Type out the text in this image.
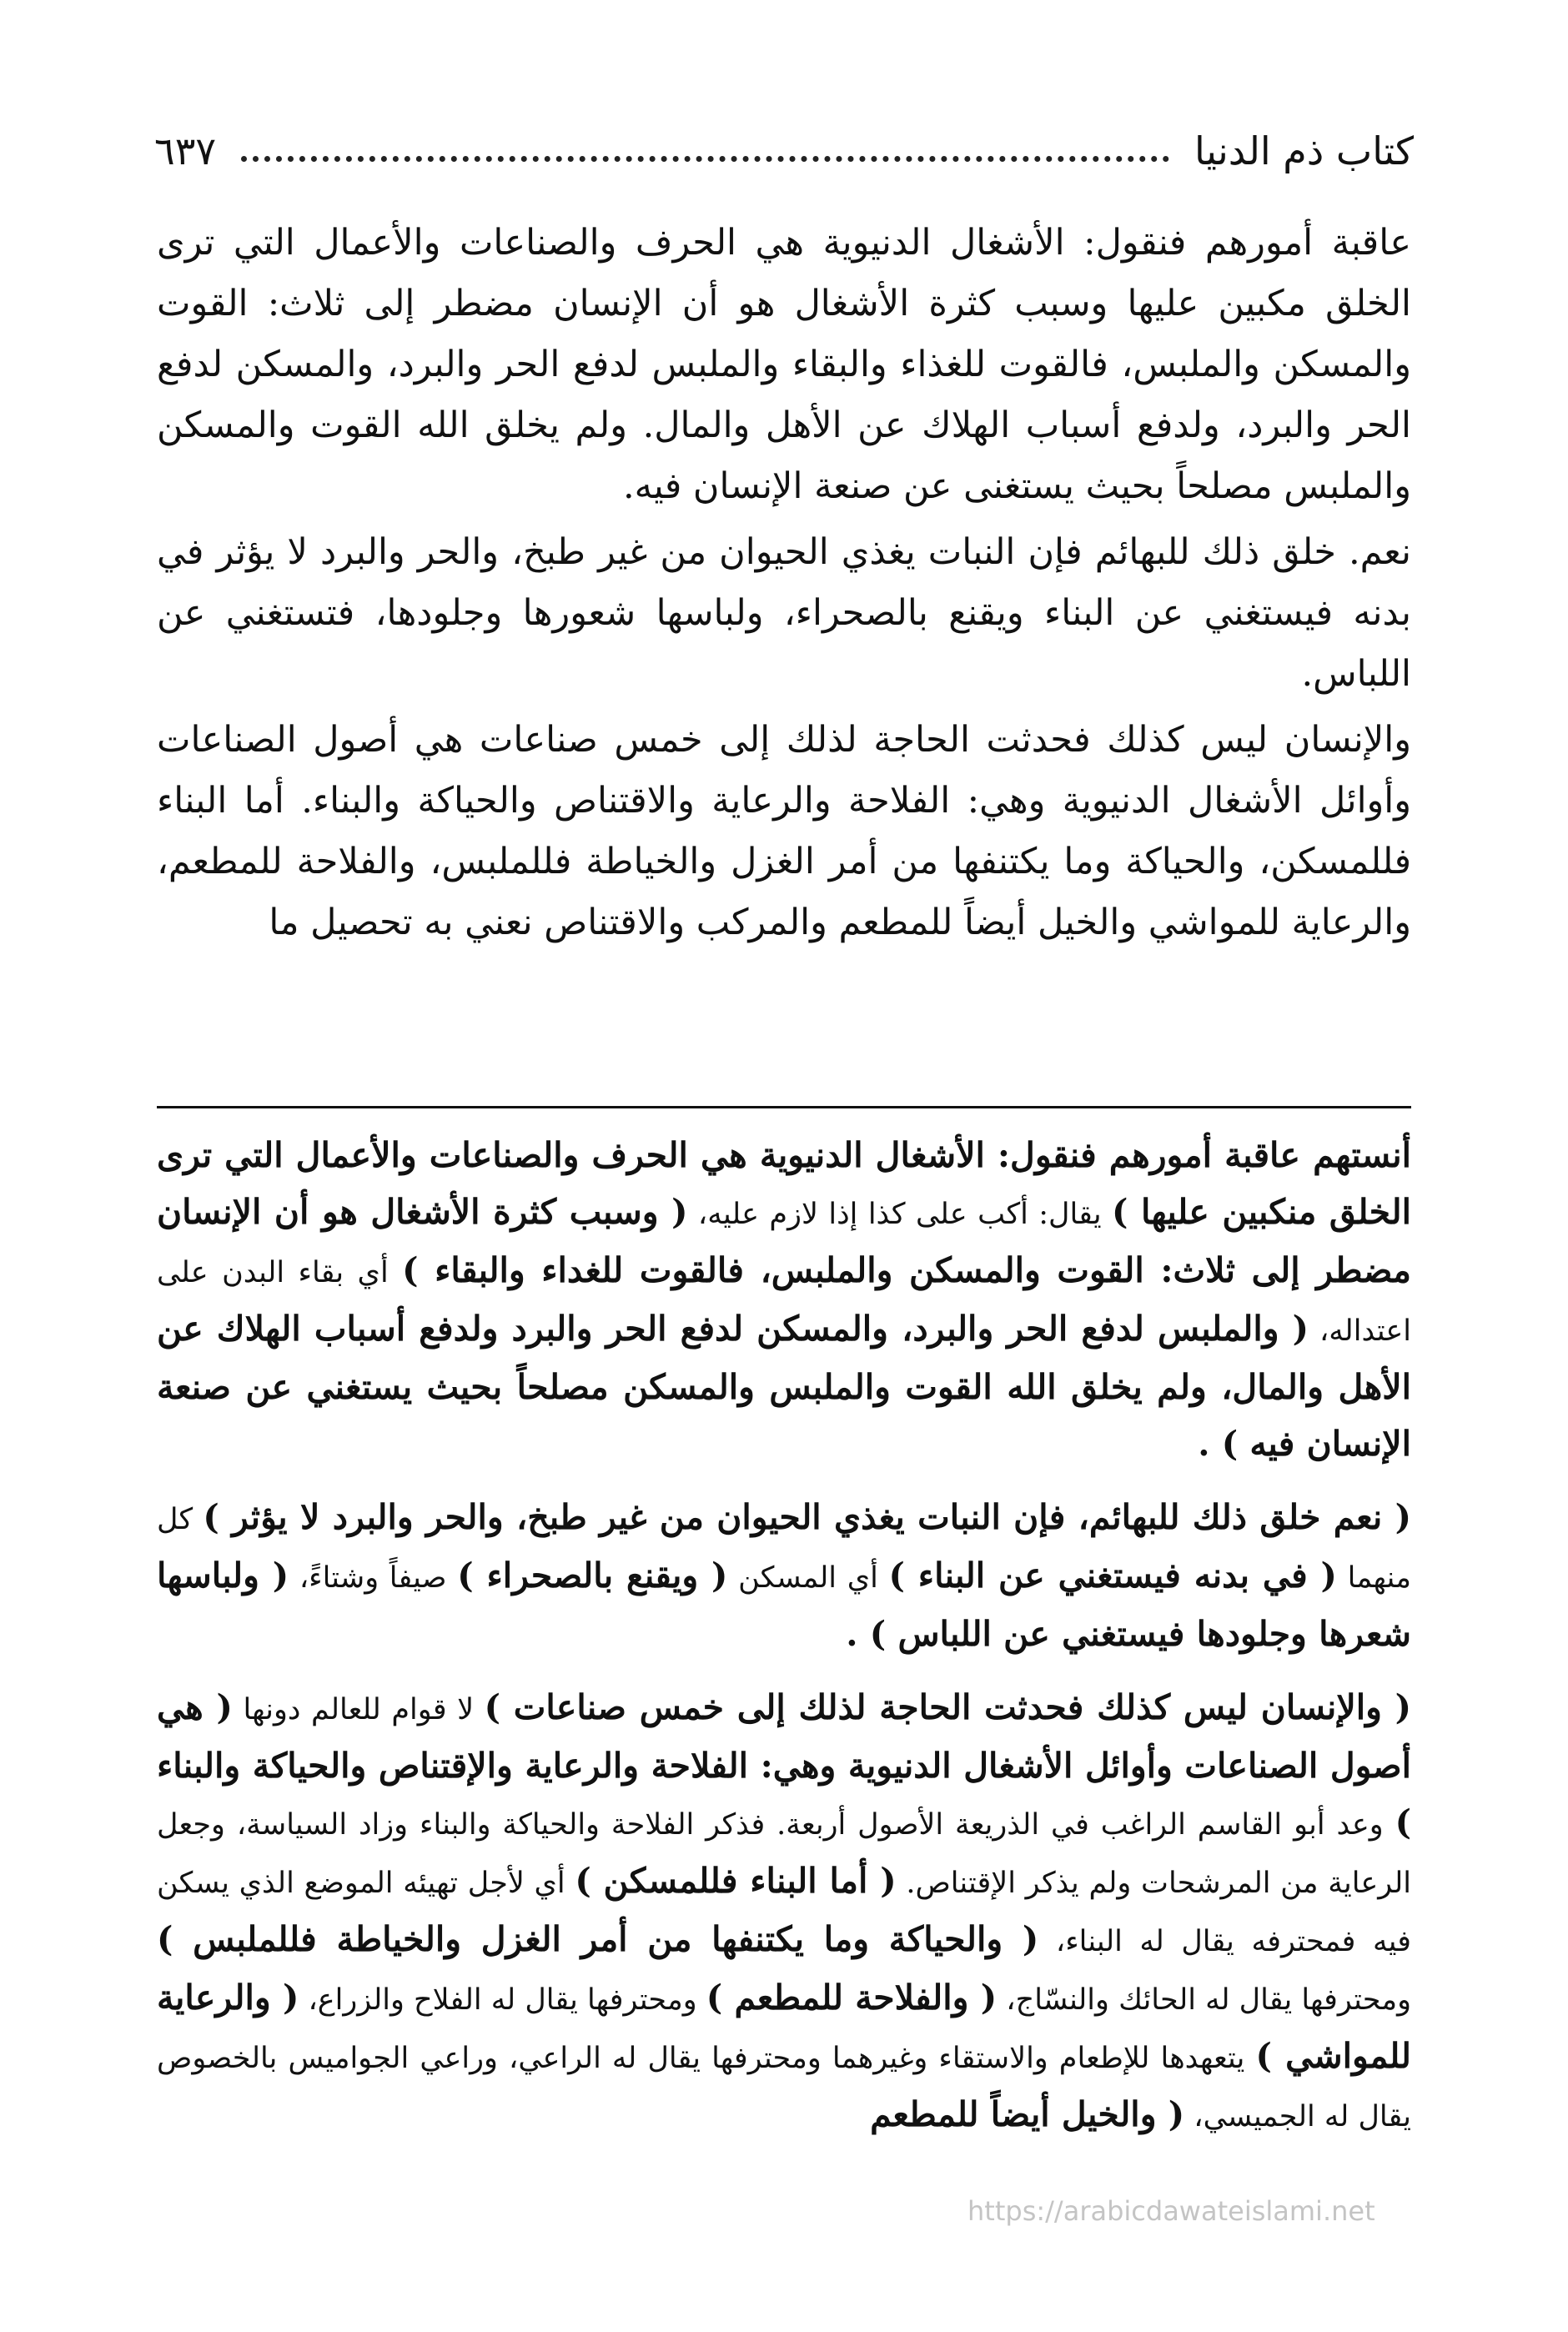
كتاب ذم الدنيا
٦٣٧

عاقبة أمورهم فنقول: الأشغال الدنيوية هي الحرف والصناعات والأعمال التي ترى الخلق مكبين عليها وسبب كثرة الأشغال هو أن الإنسان مضطر إلى ثلاث: القوت والمسكن والملبس، فالقوت للغذاء والبقاء والملبس لدفع الحر والبرد، والمسكن لدفع الحر والبرد، ولدفع أسباب الهلاك عن الأهل والمال. ولم يخلق الله القوت والمسكن والملبس مصلحاً بحيث يستغنى عن صنعة الإنسان فيه.

نعم. خلق ذلك للبهائم فإن النبات يغذي الحيوان من غير طبخ، والحر والبرد لا يؤثر في بدنه فيستغني عن البناء ويقنع بالصحراء، ولباسها شعورها وجلودها، فتستغني عن اللباس.

والإنسان ليس كذلك فحدثت الحاجة لذلك إلى خمس صناعات هي أصول الصناعات وأوائل الأشغال الدنيوية وهي: الفلاحة والرعاية والاقتناص والحياكة والبناء. أما البناء فللمسكن، والحياكة وما يكتنفها من أمر الغزل والخياطة فللملبس، والفلاحة للمطعم، والرعاية للمواشي والخيل أيضاً للمطعم والمركب والاقتناص نعني به تحصيل ما

أنستهم عاقبة أمورهم فنقول: الأشغال الدنيوية هي الحرف والصناعات والأعمال التي ترى الخلق منكبين عليها ) يقال: أكب على كذا إذا لازم عليه، ( وسبب كثرة الأشغال هو أن الإنسان مضطر إلى ثلاث: القوت والمسكن والملبس، فالقوت للغداء والبقاء ) أي بقاء البدن على اعتداله، ( والملبس لدفع الحر والبرد، والمسكن لدفع الحر والبرد ولدفع أسباب الهلاك عن الأهل والمال، ولم يخلق الله القوت والملبس والمسكن مصلحاً بحيث يستغني عن صنعة الإنسان فيه ) .

( نعم خلق ذلك للبهائم، فإن النبات يغذي الحيوان من غير طبخ، والحر والبرد لا يؤثر ) كل منهما ( في بدنه فيستغني عن البناء ) أي المسكن ( ويقنع بالصحراء ) صيفاً وشتاءً، ( ولباسها شعرها وجلودها فيستغني عن اللباس ) .

( والإنسان ليس كذلك فحدثت الحاجة لذلك إلى خمس صناعات ) لا قوام للعالم دونها ( هي أصول الصناعات وأوائل الأشغال الدنيوية وهي: الفلاحة والرعاية والإقتناص والحياكة والبناء ) وعد أبو القاسم الراغب في الذريعة الأصول أربعة. فذكر الفلاحة والحياكة والبناء وزاد السياسة، وجعل الرعاية من المرشحات ولم يذكر الإقتناص. ( أما البناء فللمسكن ) أي لأجل تهيئه الموضع الذي يسكن فيه فمحترفه يقال له البناء، ( والحياكة وما يكتنفها من أمر الغزل والخياطة فللملبس ) ومحترفها يقال له الحائك والنسّاج، ( والفلاحة للمطعم ) ومحترفها يقال له الفلاح والزراع، ( والرعاية للمواشي ) يتعهدها للإطعام والاستقاء وغيرهما ومحترفها يقال له الراعي، وراعي الجواميس بالخصوص يقال له الجميسي، ( والخيل أيضاً للمطعم

https://arabicdawateislami.net
